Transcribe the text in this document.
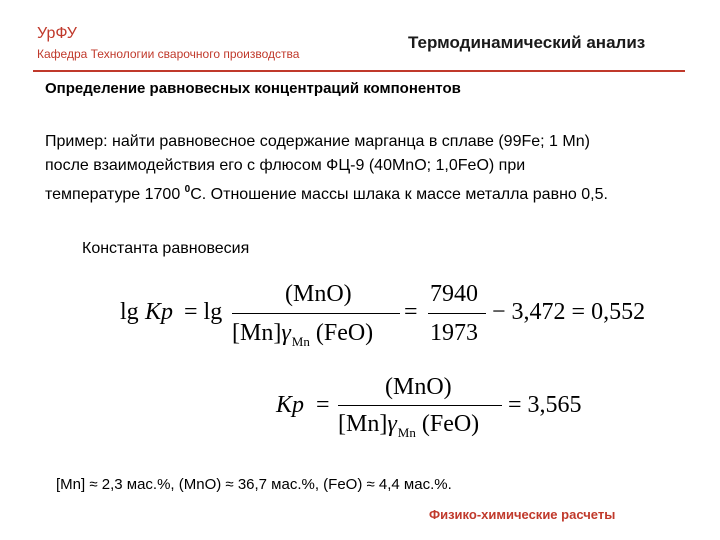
УрФУ
Кафедра Технологии сварочного производства
Термодинамический анализ
Определение равновесных концентраций компонентов
Пример: найти равновесное содержание марганца в сплаве (99Fe; 1 Mn)
после взаимодействия его с флюсом ФЦ-9 (40MnO; 1,0FeO) при
температуре 1700 $^0$С. Отношение массы шлака к массе металла равно 0,5.
Константа равновесия
lg Kp = lg
(MnO)
$[Mn]\gamma_{Mn}$ (FeO)
=
7940
1973
− 3,472 = 0,552
Kp =
(MnO)
$[Mn]\gamma_{Mn}$ (FeO)
= 3,565
[Mn] ≈ 2,3 мас.%, (MnO) ≈ 36,7 мас.%, (FeO) ≈ 4,4 мас.%.
Физико-химические расчеты
